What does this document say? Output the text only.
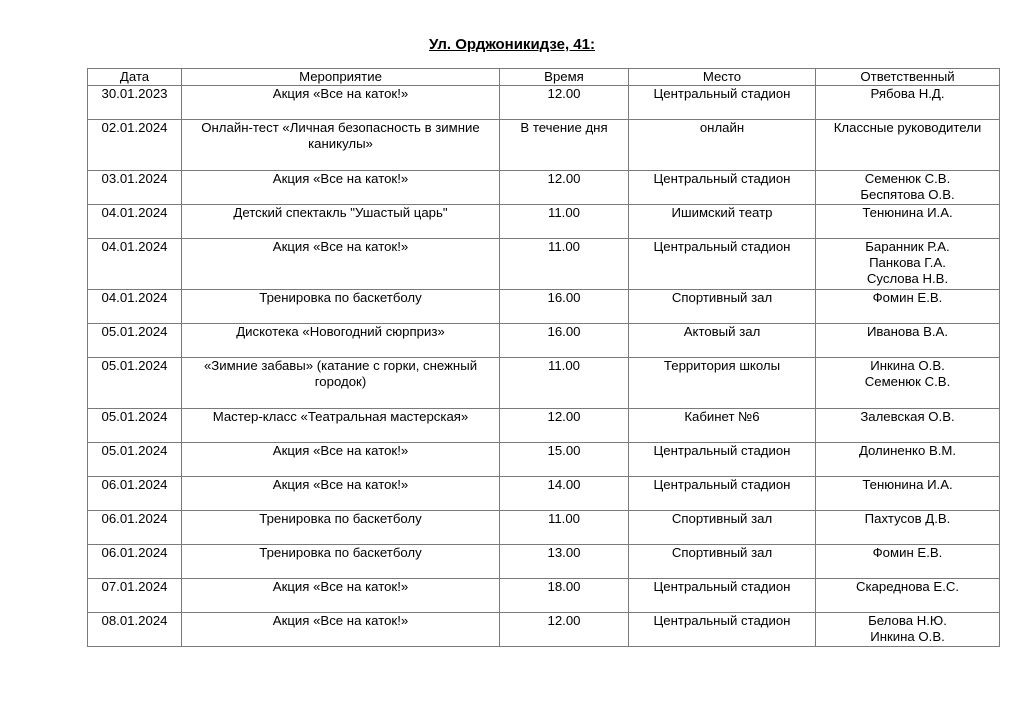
Ул. Орджоникидзе, 41:
Дата	Мероприятие	Время	Место	Ответственный
30.01.2023	Акция «Все на каток!»	12.00	Центральный стадион	Рябова Н.Д.

02.01.2024	Онлайн-тест «Личная безопасность в зимние каникулы»	В течение дня	онлайн	Классные руководители

03.01.2024	Акция «Все на каток!»	12.00	Центральный стадион	Семенюк С.В.
Беспятова О.В.

04.01.2024	Детский спектакль "Ушастый царь"	11.00	Ишимский театр	Тенюнина И.А.

04.01.2024	Акция «Все на каток!»	11.00	Центральный стадион	Баранник Р.А.
Панкова Г.А.
Суслова Н.В.

04.01.2024	Тренировка по баскетболу	16.00	Спортивный зал	Фомин Е.В.

05.01.2024	Дискотека «Новогодний сюрприз»	16.00	Актовый зал	Иванова В.А.

05.01.2024	«Зимние забавы» (катание с горки, снежный городок)	11.00	Территория школы	Инкина О.В.
Семенюк С.В.

05.01.2024	Мастер-класс «Театральная мастерская»	12.00	Кабинет №6	Залевская О.В.

05.01.2024	Акция «Все на каток!»	15.00	Центральный стадион	Долиненко В.М.

06.01.2024	Акция «Все на каток!»	14.00	Центральный стадион	Тенюнина И.А.

06.01.2024	Тренировка по баскетболу	11.00	Спортивный зал	Пахтусов Д.В.

06.01.2024	Тренировка по баскетболу	13.00	Спортивный зал	Фомин Е.В.

07.01.2024	Акция «Все на каток!»	18.00	Центральный стадион	Скареднова Е.С.

08.01.2024	Акция «Все на каток!»	12.00	Центральный стадион	Белова Н.Ю.
Инкина О.В.
